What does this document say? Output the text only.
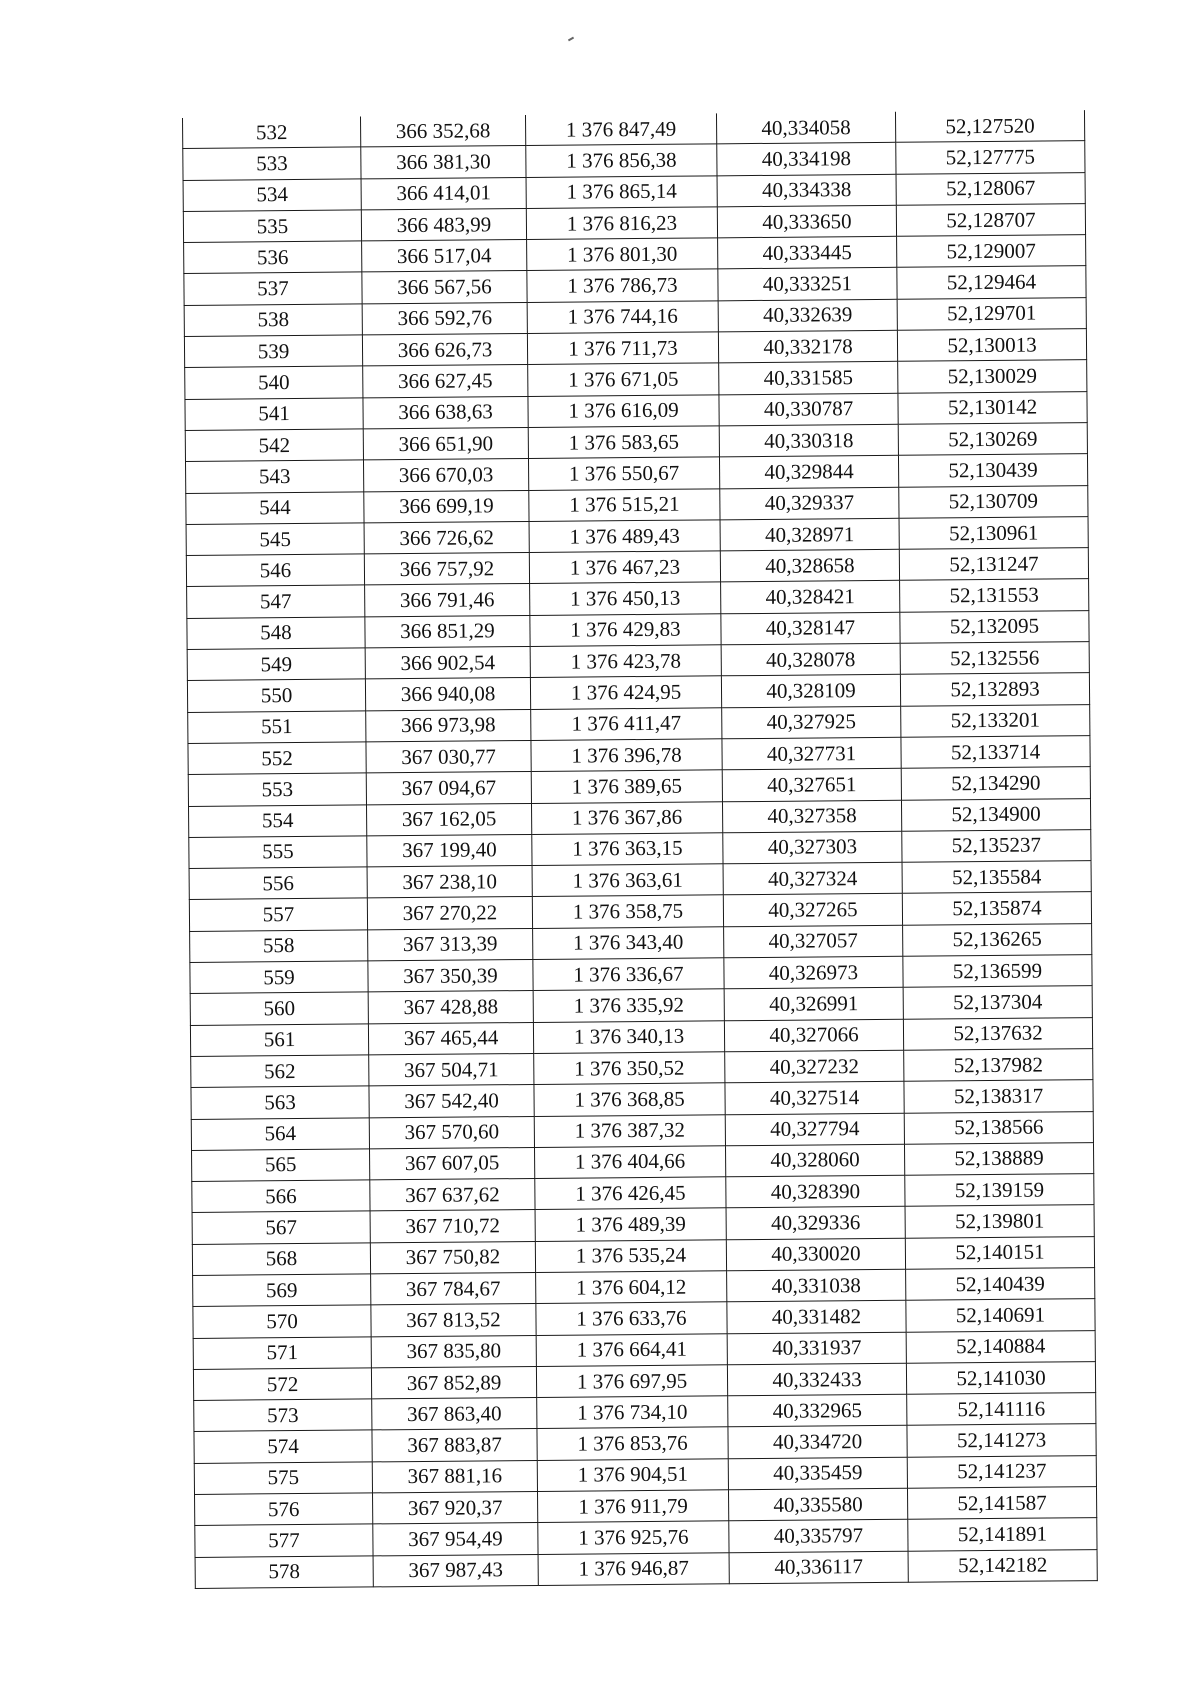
532	366 352,68	1 376 847,49	40,334058	52,127520
533	366 381,30	1 376 856,38	40,334198	52,127775
534	366 414,01	1 376 865,14	40,334338	52,128067
535	366 483,99	1 376 816,23	40,333650	52,128707
536	366 517,04	1 376 801,30	40,333445	52,129007
537	366 567,56	1 376 786,73	40,333251	52,129464
538	366 592,76	1 376 744,16	40,332639	52,129701
539	366 626,73	1 376 711,73	40,332178	52,130013
540	366 627,45	1 376 671,05	40,331585	52,130029
541	366 638,63	1 376 616,09	40,330787	52,130142
542	366 651,90	1 376 583,65	40,330318	52,130269
543	366 670,03	1 376 550,67	40,329844	52,130439
544	366 699,19	1 376 515,21	40,329337	52,130709
545	366 726,62	1 376 489,43	40,328971	52,130961
546	366 757,92	1 376 467,23	40,328658	52,131247
547	366 791,46	1 376 450,13	40,328421	52,131553
548	366 851,29	1 376 429,83	40,328147	52,132095
549	366 902,54	1 376 423,78	40,328078	52,132556
550	366 940,08	1 376 424,95	40,328109	52,132893
551	366 973,98	1 376 411,47	40,327925	52,133201
552	367 030,77	1 376 396,78	40,327731	52,133714
553	367 094,67	1 376 389,65	40,327651	52,134290
554	367 162,05	1 376 367,86	40,327358	52,134900
555	367 199,40	1 376 363,15	40,327303	52,135237
556	367 238,10	1 376 363,61	40,327324	52,135584
557	367 270,22	1 376 358,75	40,327265	52,135874
558	367 313,39	1 376 343,40	40,327057	52,136265
559	367 350,39	1 376 336,67	40,326973	52,136599
560	367 428,88	1 376 335,92	40,326991	52,137304
561	367 465,44	1 376 340,13	40,327066	52,137632
562	367 504,71	1 376 350,52	40,327232	52,137982
563	367 542,40	1 376 368,85	40,327514	52,138317
564	367 570,60	1 376 387,32	40,327794	52,138566
565	367 607,05	1 376 404,66	40,328060	52,138889
566	367 637,62	1 376 426,45	40,328390	52,139159
567	367 710,72	1 376 489,39	40,329336	52,139801
568	367 750,82	1 376 535,24	40,330020	52,140151
569	367 784,67	1 376 604,12	40,331038	52,140439
570	367 813,52	1 376 633,76	40,331482	52,140691
571	367 835,80	1 376 664,41	40,331937	52,140884
572	367 852,89	1 376 697,95	40,332433	52,141030
573	367 863,40	1 376 734,10	40,332965	52,141116
574	367 883,87	1 376 853,76	40,334720	52,141273
575	367 881,16	1 376 904,51	40,335459	52,141237
576	367 920,37	1 376 911,79	40,335580	52,141587
577	367 954,49	1 376 925,76	40,335797	52,141891
578	367 987,43	1 376 946,87	40,336117	52,142182
